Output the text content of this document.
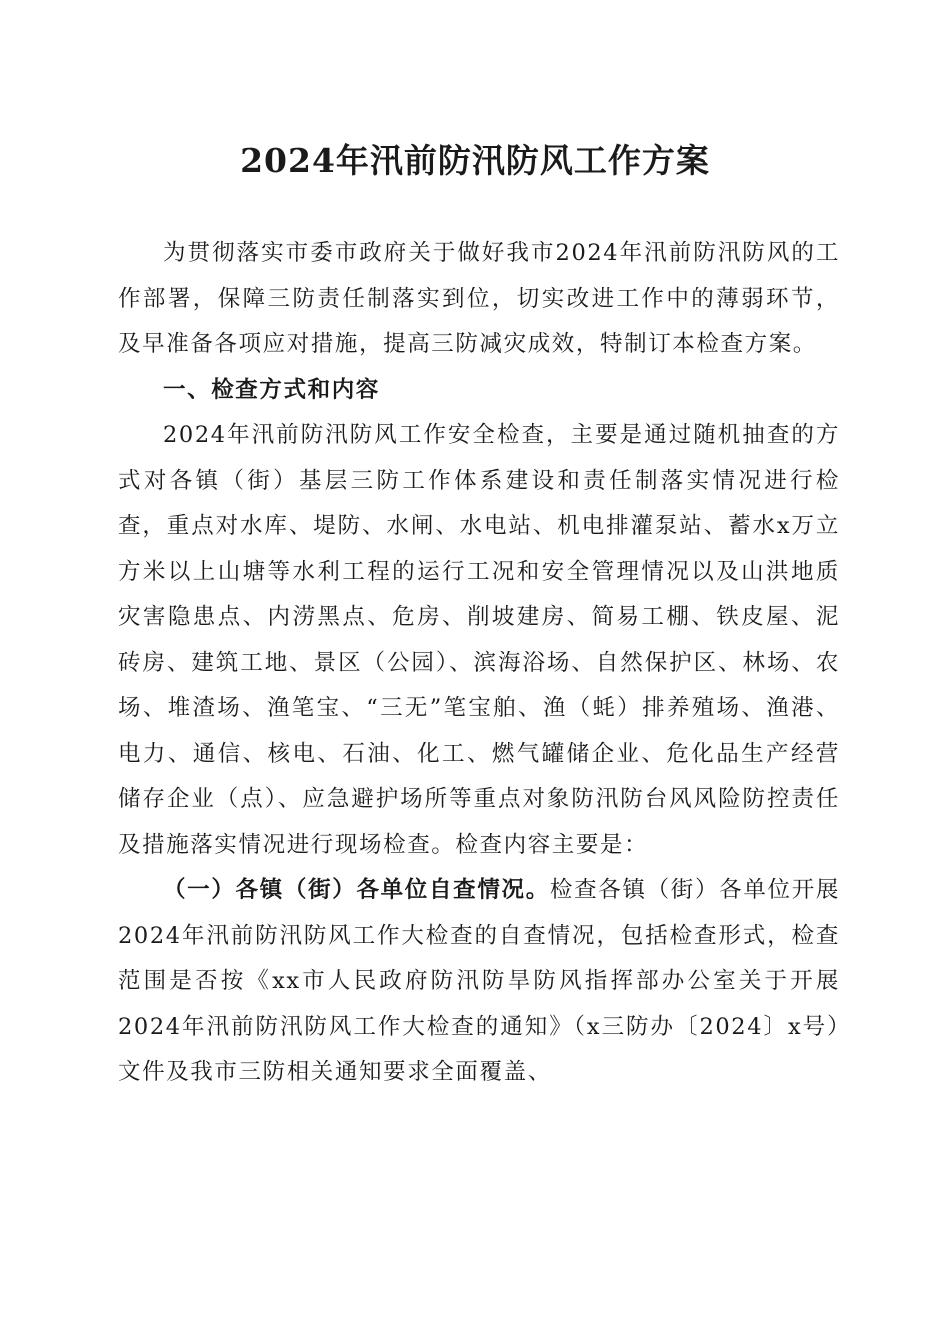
2024年汛前防汛防风工作方案

为贯彻落实市委市政府关于做好我市2024年汛前防汛防风的工作部署，保障三防责任制落实到位，切实改进工作中的薄弱环节，及早准备各项应对措施，提高三防减灾成效，特制订本检查方案。

一、检查方式和内容

2024年汛前防汛防风工作安全检查，主要是通过随机抽查的方式对各镇（街）基层三防工作体系建设和责任制落实情况进行检查，重点对水库、堤防、水闸、水电站、机电排灌泵站、蓄水x万立方米以上山塘等水利工程的运行工况和安全管理情况以及山洪地质灾害隐患点、内涝黑点、危房、削坡建房、简易工棚、铁皮屋、泥砖房、建筑工地、景区（公园）、滨海浴场、自然保护区、林场、农场、堆渣场、渔笔宝、“三无”笔宝舶、渔（蚝）排养殖场、渔港、电力、通信、核电、石油、化工、燃气罐储企业、危化品生产经营储存企业（点）、应急避护场所等重点对象防汛防台风风险防控责任及措施落实情况进行现场检查。检查内容主要是：

（一）各镇（街）各单位自查情况。检查各镇（街）各单位开展2024年汛前防汛防风工作大检查的自查情况，包括检查形式，检查范围是否按《xx市人民政府防汛防旱防风指挥部办公室关于开展2024年汛前防汛防风工作大检查的通知》（x三防办〔2024〕x号）文件及我市三防相关通知要求全面覆盖、
